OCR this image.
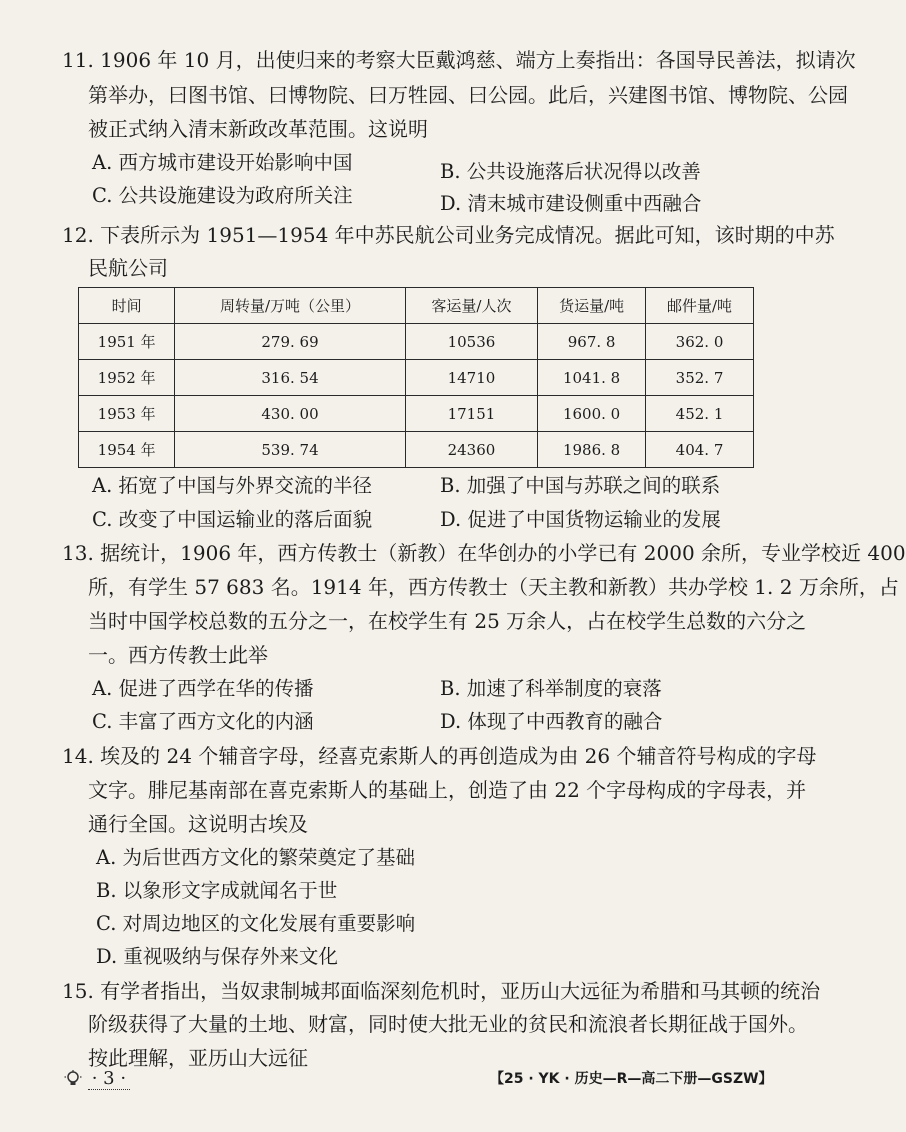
11. 1906 年 10 月，出使归来的考察大臣戴鸿慈、端方上奏指出：各国导民善法，拟请次
第举办，曰图书馆、曰博物院、曰万牲园、曰公园。此后，兴建图书馆、博物院、公园
被正式纳入清末新政改革范围。这说明
A. 西方城市建设开始影响中国	B. 公共设施落后状况得以改善
C. 公共设施建设为政府所关注	D. 清末城市建设侧重中西融合
12. 下表所示为 1951—1954 年中苏民航公司业务完成情况。据此可知，该时期的中苏
民航公司
时间	周转量/万吨（公里）	客运量/人次	货运量/吨	邮件量/吨
1951 年	279. 69	10536	967. 8	362. 0
1952 年	316. 54	14710	1041. 8	352. 7
1953 年	430. 00	17151	1600. 0	452. 1
1954 年	539. 74	24360	1986. 8	404. 7
A. 拓宽了中国与外界交流的半径	B. 加强了中国与苏联之间的联系
C. 改变了中国运输业的落后面貌	D. 促进了中国货物运输业的发展
13. 据统计，1906 年，西方传教士（新教）在华创办的小学已有 2000 余所，专业学校近 400
所，有学生 57 683 名。1914 年，西方传教士（天主教和新教）共办学校 1. 2 万余所，占
当时中国学校总数的五分之一，在校学生有 25 万余人，占在校学生总数的六分之
一。西方传教士此举
A. 促进了西学在华的传播	B. 加速了科举制度的衰落
C. 丰富了西方文化的内涵	D. 体现了中西教育的融合
14. 埃及的 24 个辅音字母，经喜克索斯人的再创造成为由 26 个辅音符号构成的字母
文字。腓尼基南部在喜克索斯人的基础上，创造了由 22 个字母构成的字母表，并
通行全国。这说明古埃及
A. 为后世西方文化的繁荣奠定了基础
B. 以象形文字成就闻名于世
C. 对周边地区的文化发展有重要影响
D. 重视吸纳与保存外来文化
15. 有学者指出，当奴隶制城邦面临深刻危机时，亚历山大远征为希腊和马其顿的统治
阶级获得了大量的土地、财富，同时使大批无业的贫民和流浪者长期征战于国外。
按此理解，亚历山大远征
· 3 ·	【25 · YK · 历史—R—高二下册—GSZW】
